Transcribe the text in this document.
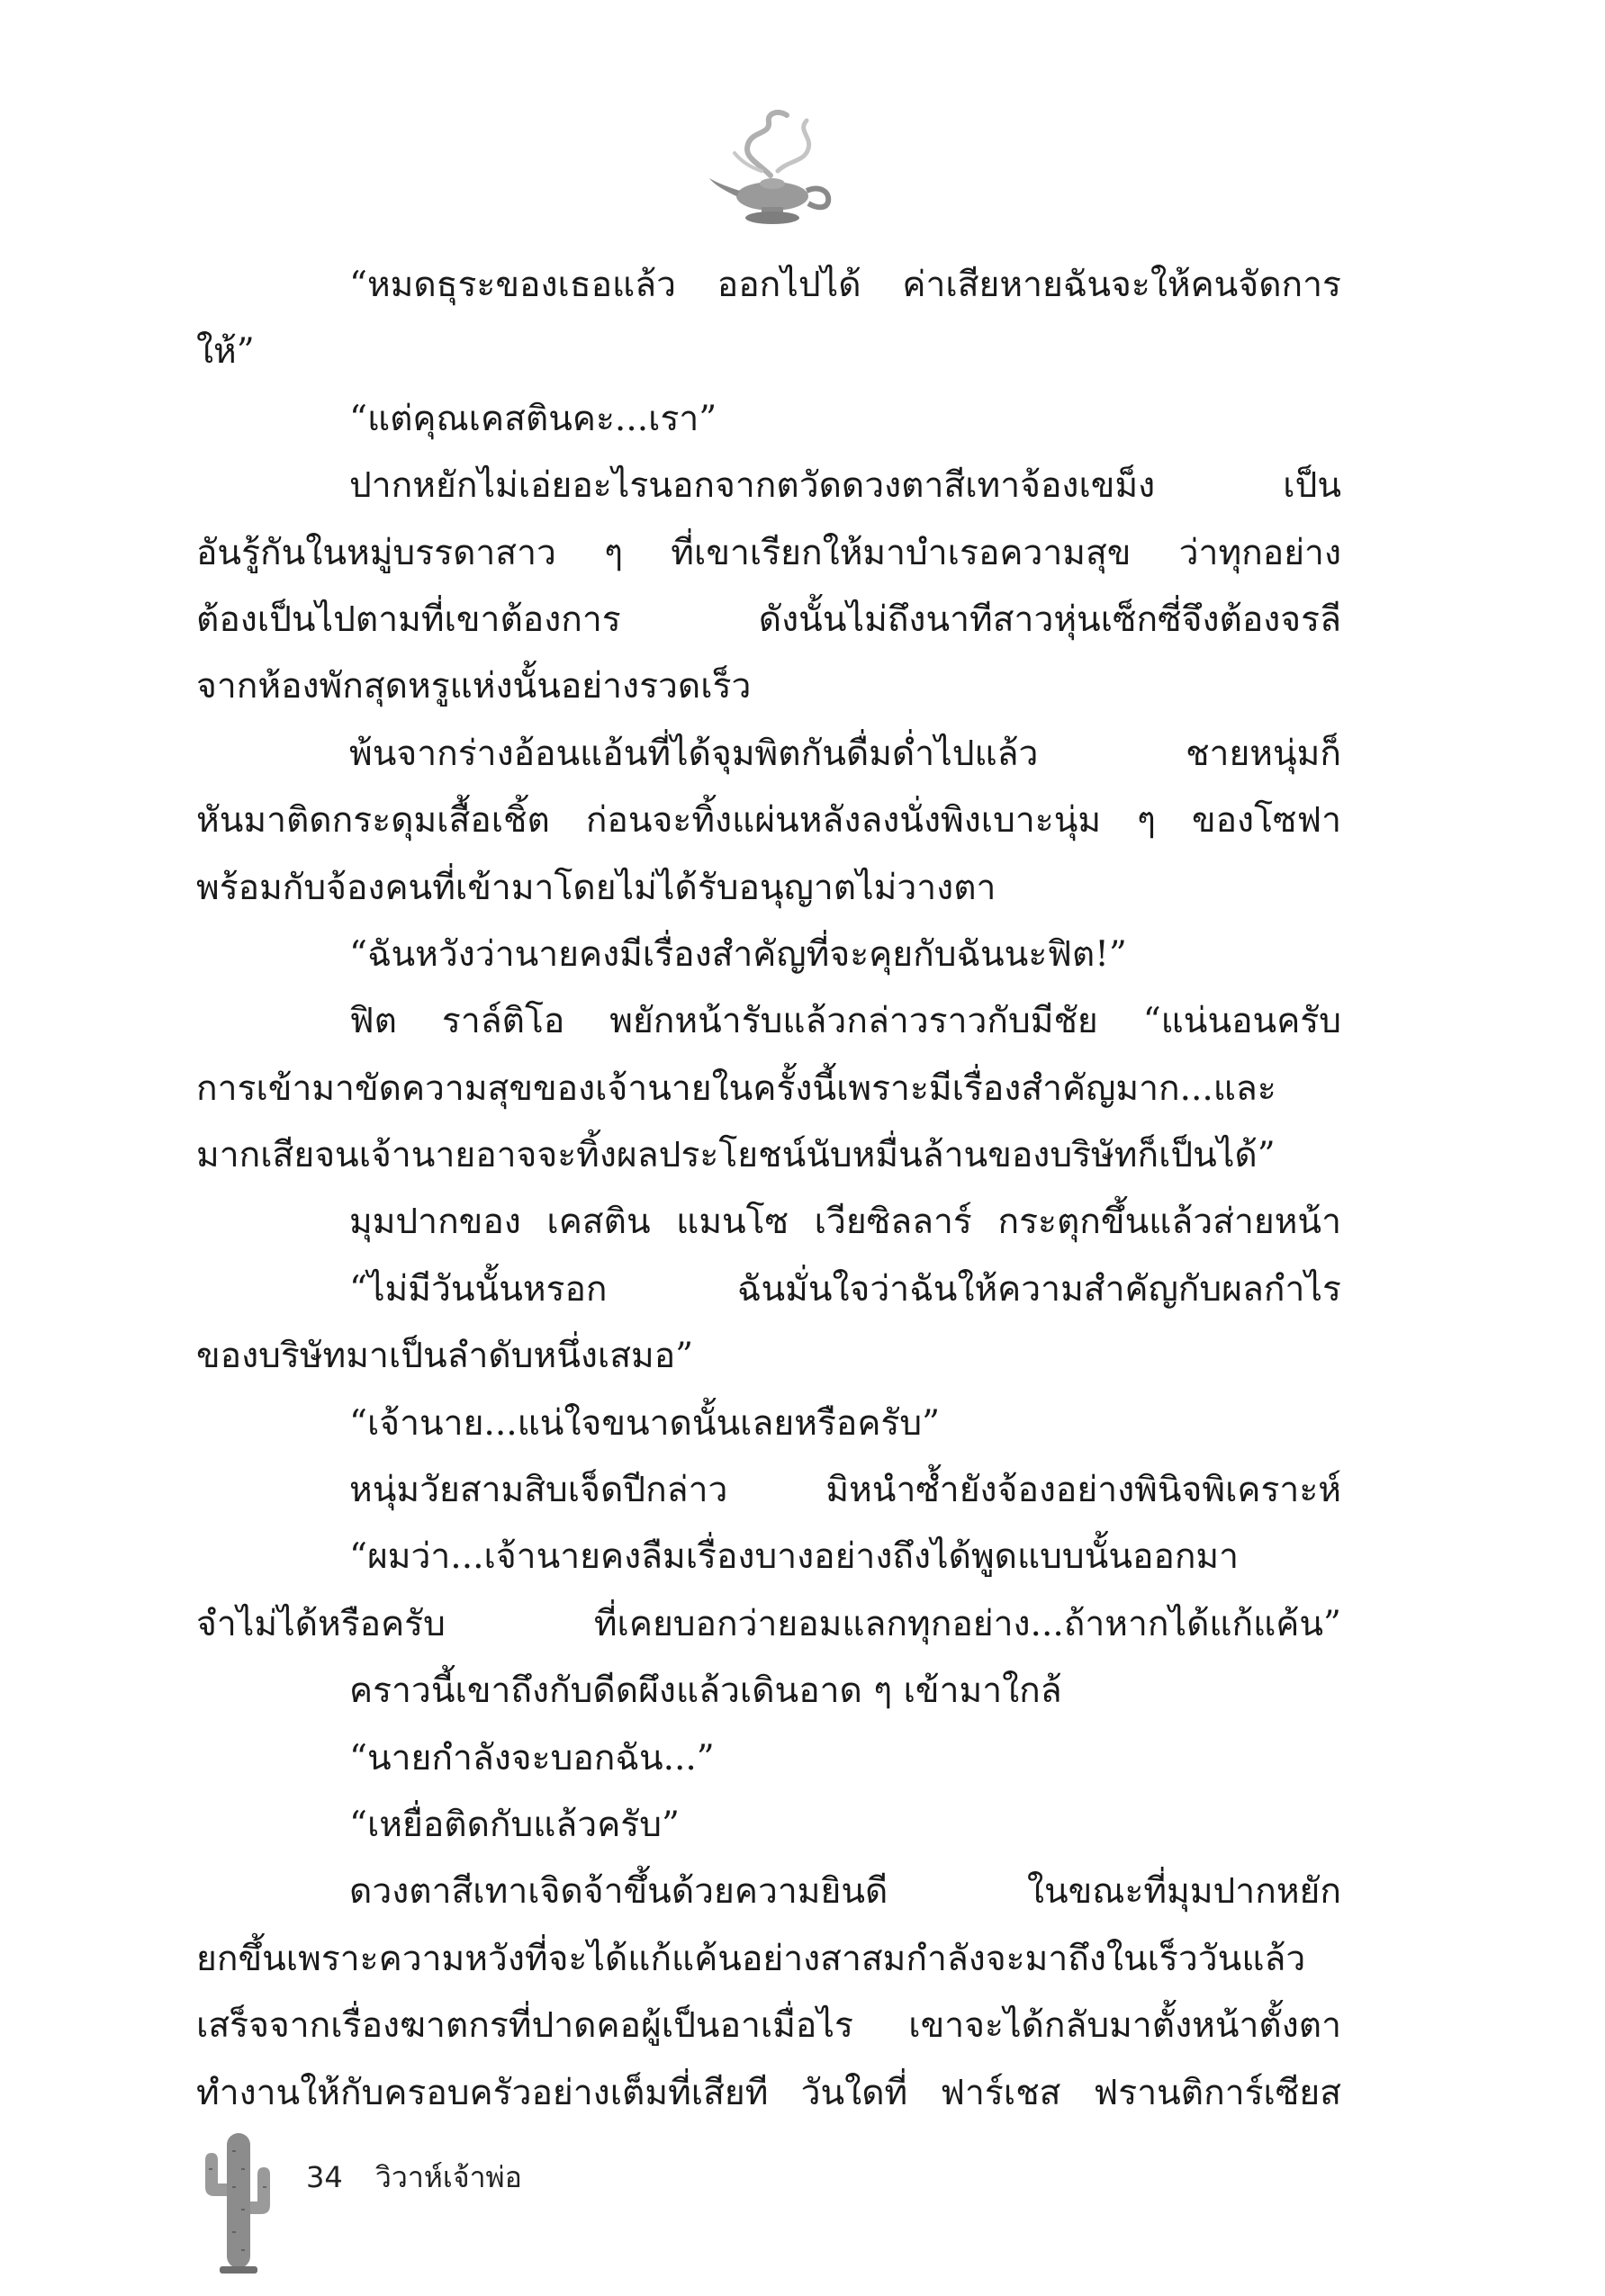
“หมดธุระของเธอแล้ว ออกไปได้ ค่าเสียหายฉันจะให้คนจัดการ
ให้”
“แต่คุณเคสตินคะ...เรา”
ปากหยักไม่เอ่ยอะไรนอกจากตวัดดวงตาสีเทาจ้องเขม็ง เป็น
อันรู้กันในหมู่บรรดาสาว ๆ ที่เขาเรียกให้มาบำเรอความสุข ว่าทุกอย่าง
ต้องเป็นไปตามที่เขาต้องการ ดังนั้นไม่ถึงนาทีสาวหุ่นเซ็กซี่จึงต้องจรลี
จากห้องพักสุดหรูแห่งนั้นอย่างรวดเร็ว
พ้นจากร่างอ้อนแอ้นที่ได้จุมพิตกันดื่มด่ำไปแล้ว ชายหนุ่มก็
หันมาติดกระดุมเสื้อเชิ้ต ก่อนจะทิ้งแผ่นหลังลงนั่งพิงเบาะนุ่ม ๆ ของโซฟา
พร้อมกับจ้องคนที่เข้ามาโดยไม่ได้รับอนุญาตไม่วางตา
“ฉันหวังว่านายคงมีเรื่องสำคัญที่จะคุยกับฉันนะฟิต!”
ฟิต ราล์ติโอ พยักหน้ารับแล้วกล่าวราวกับมีชัย “แน่นอนครับ
การเข้ามาขัดความสุขของเจ้านายในครั้งนี้เพราะมีเรื่องสำคัญมาก...และ
มากเสียจนเจ้านายอาจจะทิ้งผลประโยชน์นับหมื่นล้านของบริษัทก็เป็นได้”
มุมปากของ เคสติน แมนโซ เวียซิลลาร์ กระตุกขึ้นแล้วส่ายหน้า
“ไม่มีวันนั้นหรอก ฉันมั่นใจว่าฉันให้ความสำคัญกับผลกำไร
ของบริษัทมาเป็นลำดับหนึ่งเสมอ”
“เจ้านาย...แน่ใจขนาดนั้นเลยหรือครับ”
หนุ่มวัยสามสิบเจ็ดปีกล่าว มิหนำซ้ำยังจ้องอย่างพินิจพิเคราะห์
“ผมว่า...เจ้านายคงลืมเรื่องบางอย่างถึงได้พูดแบบนั้นออกมา
จำไม่ได้หรือครับ ที่เคยบอกว่ายอมแลกทุกอย่าง...ถ้าหากได้แก้แค้น”
คราวนี้เขาถึงกับดีดผึงแล้วเดินอาด ๆ เข้ามาใกล้
“นายกำลังจะบอกฉัน...”
“เหยื่อติดกับแล้วครับ”
ดวงตาสีเทาเจิดจ้าขึ้นด้วยความยินดี ในขณะที่มุมปากหยัก
ยกขึ้นเพราะความหวังที่จะได้แก้แค้นอย่างสาสมกำลังจะมาถึงในเร็ววันแล้ว
เสร็จจากเรื่องฆาตกรที่ปาดคอผู้เป็นอาเมื่อไร เขาจะได้กลับมาตั้งหน้าตั้งตา
ทำงานให้กับครอบครัวอย่างเต็มที่เสียที วันใดที่ ฟาร์เชส ฟรานติการ์เซียส
34 วิวาห์เจ้าพ่อ
